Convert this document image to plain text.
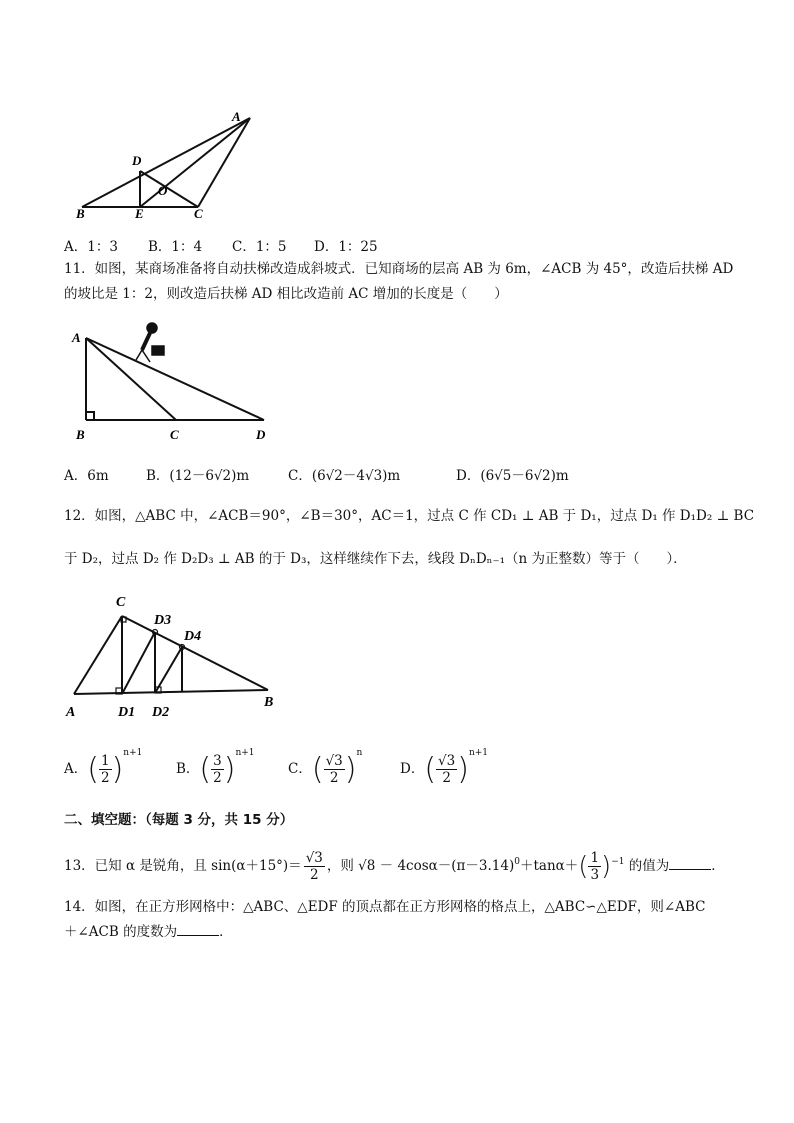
A
D
O
B	E	C
A．1：3 B．1：4 C．1：5 D．1：25
11．如图，某商场准备将自动扶梯改造成斜坡式．已知商场的层高 AB 为 6m，∠ACB 为 45°，改造后扶梯 AD
的坡比是 1：2，则改造后扶梯 AD 相比改造前 AC 增加的长度是（　　）
A
B	C	D
A．6m	B．(12－6√2)m	C．(6√2－4√3)m	D．(6√5－6√2)m
12．如图，△ABC 中，∠ACB＝90°，∠B＝30°，AC＝1，过点 C 作 CD₁ ⊥ AB 于 D₁，过点 D₁ 作 D₁D₂ ⊥ BC
于 D₂，过点 D₂ 作 D₂D₃ ⊥ AB 的于 D₃，这样继续作下去，线段 DₙDₙ₋₁（n 为正整数）等于（　　）．
C
D3
D4
A	D1 D2
B
A．( $\frac{1}{2} )^{n+1}$
B．( $\frac{3}{2} )^{n+1}$
C．( $\frac{√3}{2} )^n$
D．( $\frac{√3}{2} )^{n+1}$
二、填空题：（每题 3 分，共 15 分）
13．已知 α 是锐角，且 $\sin(\alpha+15^\circ)= \frac{√3}{2}$ ，则 $√8 - 4\cos\alpha-(\pi-3.14)^0+\tan\alpha+( \frac{1}{3} )^{-1}$ 的值为	．
14．如图，在正方形网格中：△ABC、△EDF 的顶点都在正方形网格的格点上，△ABC∽△EDF，则∠ABC
＋∠ACB 的度数为	．
